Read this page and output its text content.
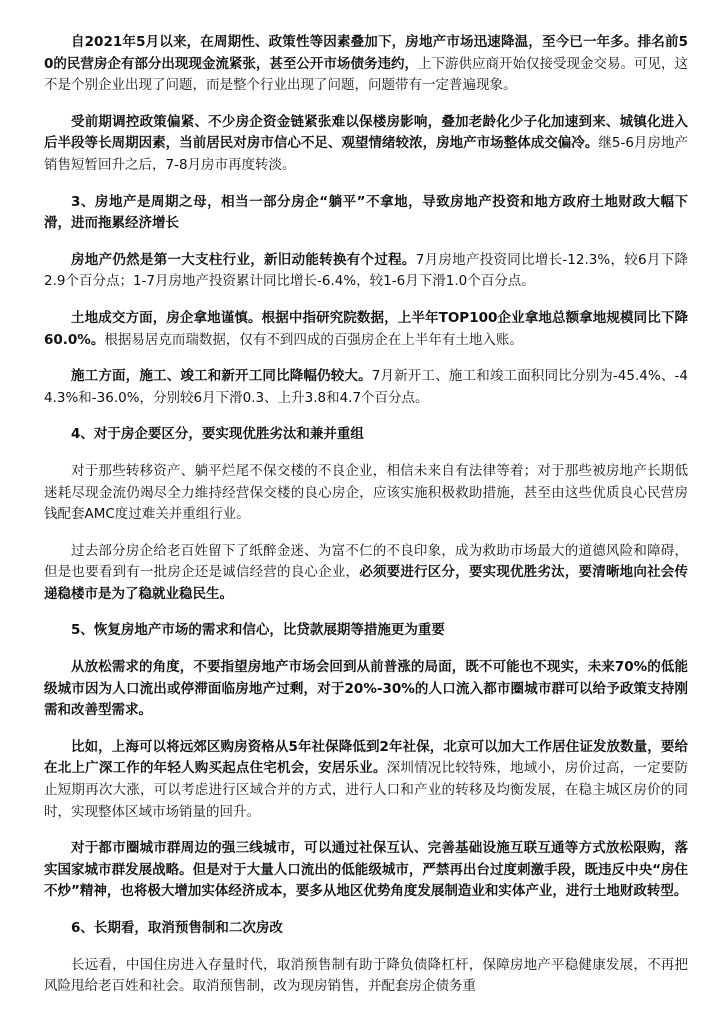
自2021年5月以来，在周期性、政策性等因素叠加下，房地产市场迅速降温，至今已一年多。排名前50的民营房企有部分出现现金流紧张，甚至公开市场债务违约，上下游供应商开始仅接受现金交易。可见，这不是个别企业出现了问题，而是整个行业出现了问题，问题带有一定普遍现象。

受前期调控政策偏紧、不少房企资金链紧张难以保楼房影响，叠加老龄化少子化加速到来、城镇化进入后半段等长周期因素，当前居民对房市信心不足、观望情绪较浓，房地产市场整体成交偏冷。继5-6月房地产销售短暂回升之后，7-8月房市再度转淡。

3、房地产是周期之母，相当一部分房企“躺平”不拿地，导致房地产投资和地方政府土地财政大幅下滑，进而拖累经济增长

房地产仍然是第一大支柱行业，新旧动能转换有个过程。7月房地产投资同比增长-12.3%，较6月下降2.9个百分点；1-7月房地产投资累计同比增长-6.4%，较1-6月下滑1.0个百分点。

土地成交方面，房企拿地谨慎。根据中指研究院数据，上半年TOP100企业拿地总额拿地规模同比下降60.0%。根据易居克而瑞数据，仅有不到四成的百强房企在上半年有土地入账。

施工方面，施工、竣工和新开工同比降幅仍较大。7月新开工、施工和竣工面积同比分别为-45.4%、-44.3%和-36.0%，分别较6月下滑0.3、上升3.8和4.7个百分点。

4、对于房企要区分，要实现优胜劣汰和兼并重组

对于那些转移资产、躺平烂尾不保交楼的不良企业，相信未来自有法律等着；对于那些被房地产长期低迷耗尽现金流仍竭尽全力维持经营保交楼的良心房企，应该实施积极救助措施，甚至由这些优质良心民营房钱配套AMC度过难关并重组行业。

过去部分房企给老百姓留下了纸醉金迷、为富不仁的不良印象，成为救助市场最大的道德风险和障碍，但是也要看到有一批房企还是诚信经营的良心企业，必须要进行区分，要实现优胜劣汰，要清晰地向社会传递稳楼市是为了稳就业稳民生。

5、恢复房地产市场的需求和信心，比贷款展期等措施更为重要

从放松需求的角度，不要指望房地产市场会回到从前普涨的局面，既不可能也不现实，未来70%的低能级城市因为人口流出或停滞面临房地产过剩，对于20%-30%的人口流入都市圈城市群可以给予政策支持刚需和改善型需求。

比如，上海可以将远郊区购房资格从5年社保降低到2年社保，北京可以加大工作居住证发放数量，要给在北上广深工作的年轻人购买起点住宅机会，安居乐业。深圳情况比较特殊，地域小，房价过高，一定要防止短期再次大涨，可以考虑进行区域合并的方式，进行人口和产业的转移及均衡发展，在稳主城区房价的同时，实现整体区域市场销量的回升。

对于都市圈城市群周边的强三线城市，可以通过社保互认、完善基础设施互联互通等方式放松限购，落实国家城市群发展战略。但是对于大量人口流出的低能级城市，严禁再出台过度刺激手段，既违反中央“房住不炒”精神，也将极大增加实体经济成本，要多从地区优势角度发展制造业和实体产业，进行土地财政转型。

6、长期看，取消预售制和二次房改

长远看，中国住房进入存量时代，取消预售制有助于降负债降杠杆，保障房地产平稳健康发展，不再把风险甩给老百姓和社会。取消预售制，改为现房销售，并配套房企债务重
